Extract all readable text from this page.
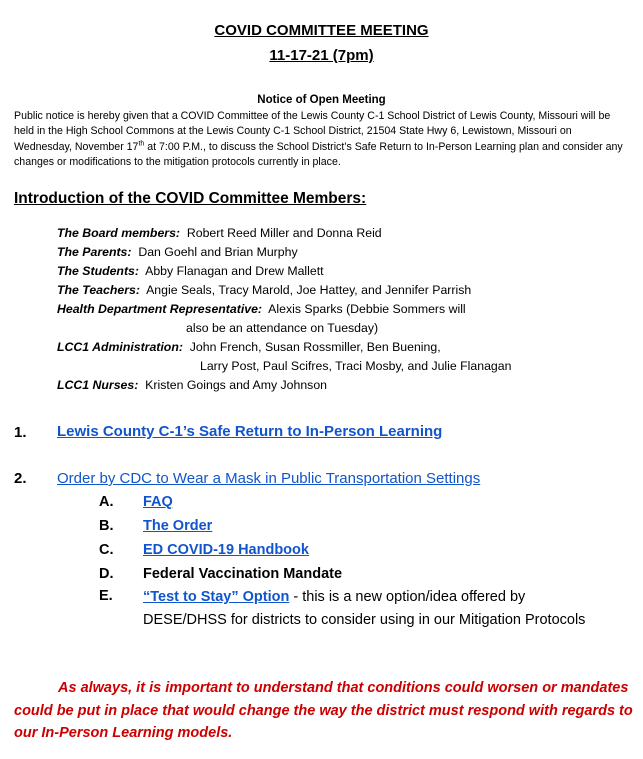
COVID COMMITTEE MEETING
11-17-21 (7pm)
Notice of Open Meeting
Public notice is hereby given that a COVID Committee of the Lewis County C-1 School District of Lewis County, Missouri will be held in the High School Commons at the Lewis County C-1 School District, 21504 State Hwy 6, Lewistown, Missouri on Wednesday, November 17th at 7:00 P.M., to discuss the School District’s Safe Return to In-Person Learning plan and consider any changes or modifications to the mitigation protocols currently in place.
Introduction of the COVID Committee Members:
The Board members: Robert Reed Miller and Donna Reid
The Parents: Dan Goehl and Brian Murphy
The Students: Abby Flanagan and Drew Mallett
The Teachers: Angie Seals, Tracy Marold, Joe Hattey, and Jennifer Parrish
Health Department Representative: Alexis Sparks (Debbie Sommers will
also be an attendance on Tuesday)
LCC1 Administration: John French, Susan Rossmiller, Ben Buening,
Larry Post, Paul Scifres, Traci Mosby, and Julie Flanagan
LCC1 Nurses: Kristen Goings and Amy Johnson
1. Lewis County C-1’s Safe Return to In-Person Learning
2. Order by CDC to Wear a Mask in Public Transportation Settings
A. FAQ
B. The Order
C. ED COVID-19 Handbook
D. Federal Vaccination Mandate
E. “Test to Stay” Option - this is a new option/idea offered by DESE/DHSS for districts to consider using in our Mitigation Protocols
As always, it is important to understand that conditions could worsen or mandates could be put in place that would change the way the district must respond with regards to our In-Person Learning models.
